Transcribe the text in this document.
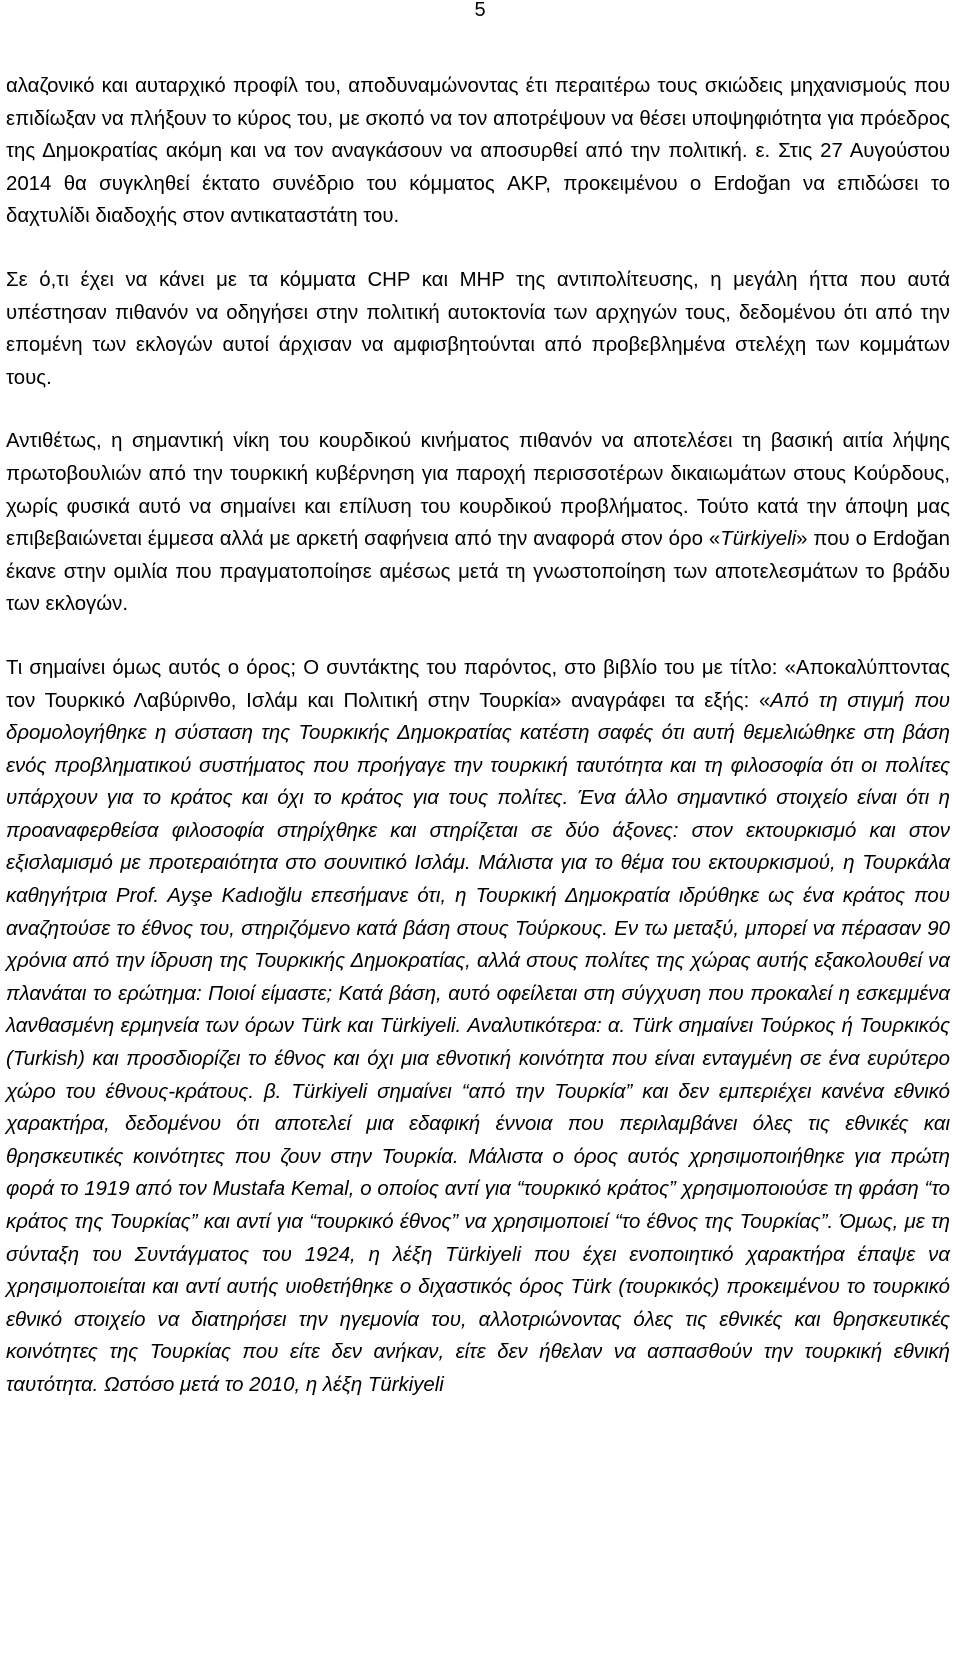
5

αλαζονικό και αυταρχικό προφίλ του, αποδυναμώνοντας έτι περαιτέρω τους σκιώδεις μηχανισμούς που επιδίωξαν να πλήξουν το κύρος του, με σκοπό να τον αποτρέψουν να θέσει υποψηφιότητα για πρόεδρος της Δημοκρατίας ακόμη και να τον αναγκάσουν να αποσυρθεί από την πολιτική. ε. Στις 27 Αυγούστου 2014 θα συγκληθεί έκτατο συνέδριο του κόμματος AKP, προκειμένου ο Erdoğan να επιδώσει το δαχτυλίδι διαδοχής στον αντικαταστάτη του.

Σε ό,τι έχει να κάνει με τα κόμματα CHP και MHP της αντιπολίτευσης, η μεγάλη ήττα που αυτά υπέστησαν πιθανόν να οδηγήσει στην πολιτική αυτοκτονία των αρχηγών τους, δεδομένου ότι από την επομένη των εκλογών αυτοί άρχισαν να αμφισβητούνται από προβεβλημένα στελέχη των κομμάτων τους.

Αντιθέτως, η σημαντική νίκη του κουρδικού κινήματος πιθανόν να αποτελέσει τη βασική αιτία λήψης πρωτοβουλιών από την τουρκική κυβέρνηση για παροχή περισσοτέρων δικαιωμάτων στους Κούρδους, χωρίς φυσικά αυτό να σημαίνει και επίλυση του κουρδικού προβλήματος. Τούτο κατά την άποψη μας επιβεβαιώνεται έμμεσα αλλά με αρκετή σαφήνεια από την αναφορά στον όρο «Türkiyeli» που ο Erdoğan έκανε στην ομιλία που πραγματοποίησε αμέσως μετά τη γνωστοποίηση των αποτελεσμάτων το βράδυ των εκλογών.

Τι σημαίνει όμως αυτός ο όρος; Ο συντάκτης του παρόντος, στο βιβλίο του με τίτλο: «Αποκαλύπτοντας τον Τουρκικό Λαβύρινθο, Ισλάμ και Πολιτική στην Τουρκία» αναγράφει τα εξής: «Από τη στιγμή που δρομολογήθηκε η σύσταση της Τουρκικής Δημοκρατίας κατέστη σαφές ότι αυτή θεμελιώθηκε στη βάση ενός προβληματικού συστήματος που προήγαγε την τουρκική ταυτότητα και τη φιλοσοφία ότι οι πολίτες υπάρχουν για το κράτος και όχι το κράτος για τους πολίτες. Ένα άλλο σημαντικό στοιχείο είναι ότι η προαναφερθείσα φιλοσοφία στηρίχθηκε και στηρίζεται σε δύο άξονες: στον εκτουρκισμό και στον εξισλαμισμό με προτεραιότητα στο σουνιτικό Ισλάμ. Μάλιστα για το θέμα του εκτουρκισμού, η Τουρκάλα καθηγήτρια Prof. Ayşe Kadıoğlu επεσήμανε ότι, η Τουρκική Δημοκρατία ιδρύθηκε ως ένα κράτος που αναζητούσε το έθνος του, στηριζόμενο κατά βάση στους Τούρκους. Εν τω μεταξύ, μπορεί να πέρασαν 90 χρόνια από την ίδρυση της Τουρκικής Δημοκρατίας, αλλά στους πολίτες της χώρας αυτής εξακολουθεί να πλανάται το ερώτημα: Ποιοί είμαστε; Κατά βάση, αυτό οφείλεται στη σύγχυση που προκαλεί η εσκεμμένα λανθασμένη ερμηνεία των όρων Türk και Türkiyeli. Αναλυτικότερα: α. Türk σημαίνει Τούρκος ή Τουρκικός (Turkish) και προσδιορίζει το έθνος και όχι μια εθνοτική κοινότητα που είναι ενταγμένη σε ένα ευρύτερο χώρο του έθνους-κράτους. β. Türkiyeli σημαίνει “από την Τουρκία” και δεν εμπεριέχει κανένα εθνικό χαρακτήρα, δεδομένου ότι αποτελεί μια εδαφική έννοια που περιλαμβάνει όλες τις εθνικές και θρησκευτικές κοινότητες που ζουν στην Τουρκία. Μάλιστα ο όρος αυτός χρησιμοποιήθηκε για πρώτη φορά το 1919 από τον Mustafa Kemal, ο οποίος αντί για “τουρκικό κράτος” χρησιμοποιούσε τη φράση “το κράτος της Τουρκίας” και αντί για “τουρκικό έθνος” να χρησιμοποιεί “το έθνος της Τουρκίας”. Όμως, με τη σύνταξη του Συντάγματος του 1924, η λέξη Türkiyeli που έχει ενοποιητικό χαρακτήρα έπαψε να χρησιμοποιείται και αντί αυτής υιοθετήθηκε ο διχαστικός όρος Türk (τουρκικός) προκειμένου το τουρκικό εθνικό στοιχείο να διατηρήσει την ηγεμονία του, αλλοτριώνοντας όλες τις εθνικές και θρησκευτικές κοινότητες της Τουρκίας που είτε δεν ανήκαν, είτε δεν ήθελαν να ασπασθούν την τουρκική εθνική ταυτότητα. Ωστόσο μετά το 2010, η λέξη Türkiyeli
